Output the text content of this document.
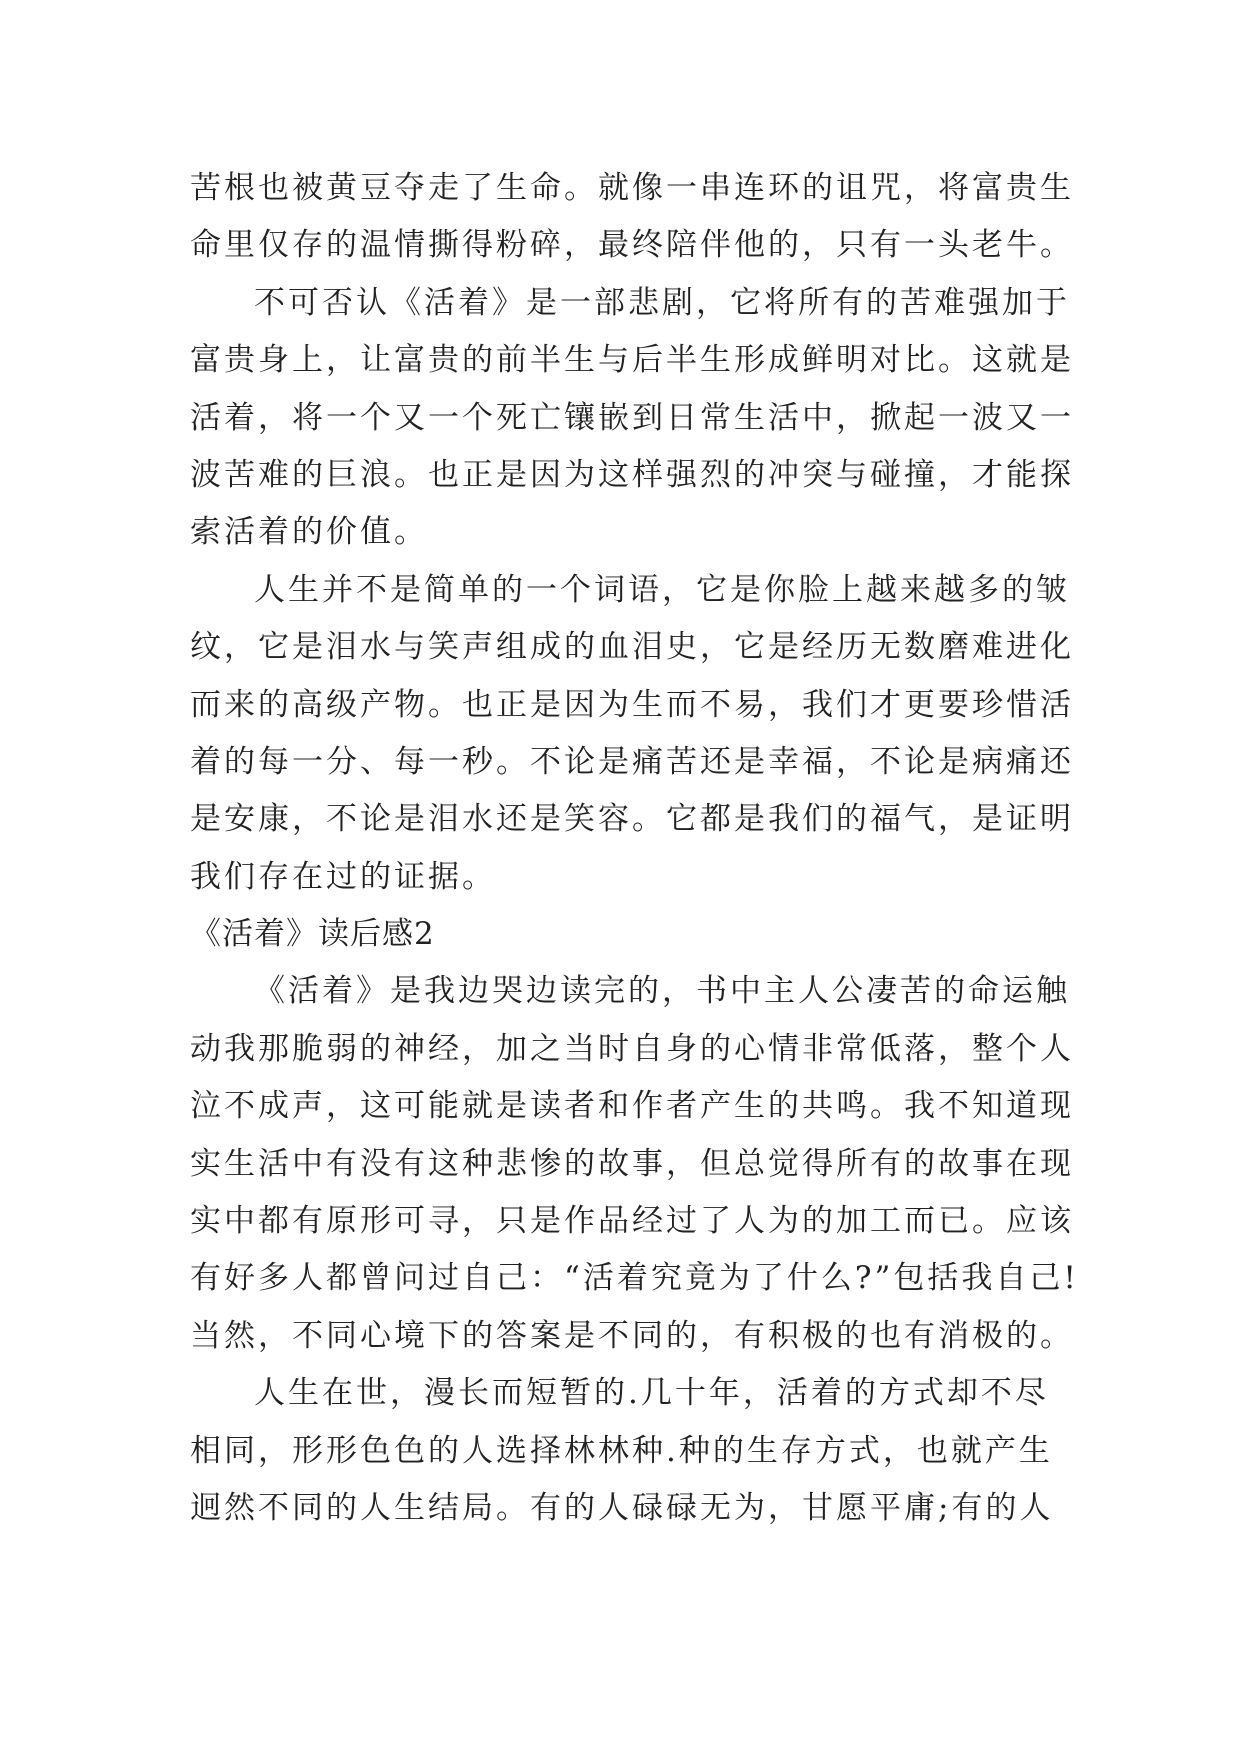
苦根也被黄豆夺走了生命。就像一串连环的诅咒，将富贵生
命里仅存的温情撕得粉碎，最终陪伴他的，只有一头老牛。
不可否认《活着》是一部悲剧，它将所有的苦难强加于
富贵身上，让富贵的前半生与后半生形成鲜明对比。这就是
活着，将一个又一个死亡镶嵌到日常生活中，掀起一波又一
波苦难的巨浪。也正是因为这样强烈的冲突与碰撞，才能探
索活着的价值。
人生并不是简单的一个词语，它是你脸上越来越多的皱
纹，它是泪水与笑声组成的血泪史，它是经历无数磨难进化
而来的高级产物。也正是因为生而不易，我们才更要珍惜活
着的每一分、每一秒。不论是痛苦还是幸福，不论是病痛还
是安康，不论是泪水还是笑容。它都是我们的福气，是证明
我们存在过的证据。
《活着》读后感2
《活着》是我边哭边读完的，书中主人公凄苦的命运触
动我那脆弱的神经，加之当时自身的心情非常低落，整个人
泣不成声，这可能就是读者和作者产生的共鸣。我不知道现
实生活中有没有这种悲惨的故事，但总觉得所有的故事在现
实中都有原形可寻，只是作品经过了人为的加工而已。应该
有好多人都曾问过自己：“活着究竟为了什么?”包括我自己!
当然，不同心境下的答案是不同的，有积极的也有消极的。
人生在世，漫长而短暂的.几十年，活着的方式却不尽
相同，形形色色的人选择林林种.种的生存方式，也就产生
迥然不同的人生结局。有的人碌碌无为，甘愿平庸;有的人
